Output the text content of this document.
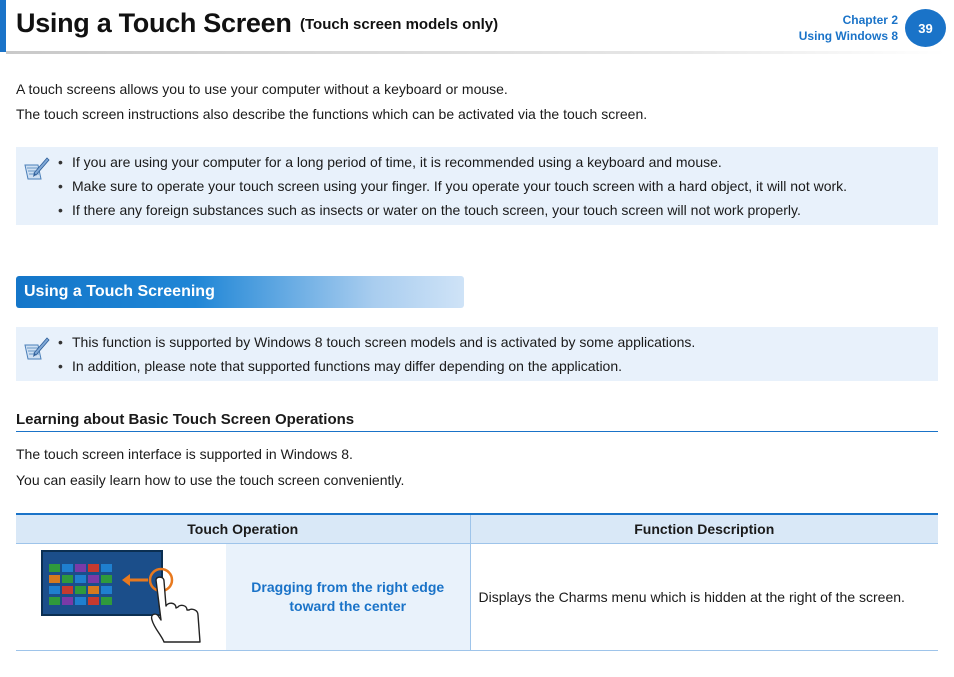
Using a Touch Screen (Touch screen models only)	Chapter 2
Using Windows 8
39
A touch screens allows you to use your computer without a keyboard or mouse.
The touch screen instructions also describe the functions which can be activated via the touch screen.
• If you are using your computer for a long period of time, it is recommended using a keyboard and mouse.
• Make sure to operate your touch screen using your finger. If you operate your touch screen with a hard object, it will not work.
• If there any foreign substances such as insects or water on the touch screen, your touch screen will not work properly.
Using a Touch Screening
• This function is supported by Windows 8 touch screen models and is activated by some applications.
• In addition, please note that supported functions may differ depending on the application.
Learning about Basic Touch Screen Operations
The touch screen interface is supported in Windows 8.
You can easily learn how to use the touch screen conveniently.
Touch Operation		Function Description

Dragging from the right edge
toward the center	Displays the Charms menu which is hidden at the right of the screen.
